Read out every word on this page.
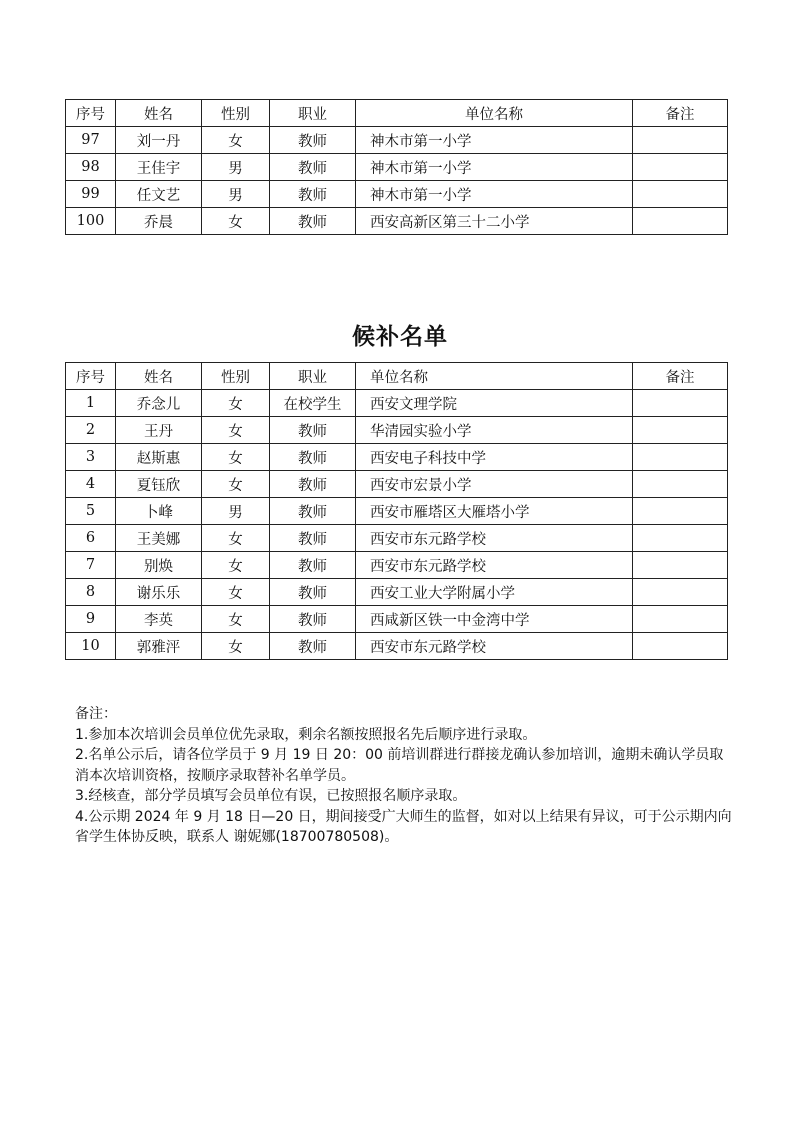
序号	姓名	性别	职业	单位名称	备注
97	刘一丹	女	教师	神木市第一小学	
98	王佳宇	男	教师	神木市第一小学	
99	任文艺	男	教师	神木市第一小学	
100	乔晨	女	教师	西安高新区第三十二小学	
候补名单
序号	姓名	性别	职业	单位名称	备注
1	乔念儿	女	在校学生	西安文理学院	
2	王丹	女	教师	华清园实验小学	
3	赵斯惠	女	教师	西安电子科技中学	
4	夏钰欣	女	教师	西安市宏景小学	
5	卜峰	男	教师	西安市雁塔区大雁塔小学	
6	王美娜	女	教师	西安市东元路学校	
7	别焕	女	教师	西安市东元路学校	
8	谢乐乐	女	教师	西安工业大学附属小学	
9	李英	女	教师	西咸新区铁一中金湾中学	
10	郭雅泙	女	教师	西安市东元路学校	

备注：

1.参加本次培训会员单位优先录取，剩余名额按照报名先后顺序进行录取。

2.名单公示后，请各位学员于 9 月 19 日 20：00 前培训群进行群接龙确认参加培训，逾期未确认学员取消本次培训资格，按顺序录取替补名单学员。

3.经核查，部分学员填写会员单位有误，已按照报名顺序录取。

4.公示期 2024 年 9 月 18 日—20 日，期间接受广大师生的监督，如对以上结果有异议，可于公示期内向省学生体协反映，联系人 谢妮娜(18700780508)。
